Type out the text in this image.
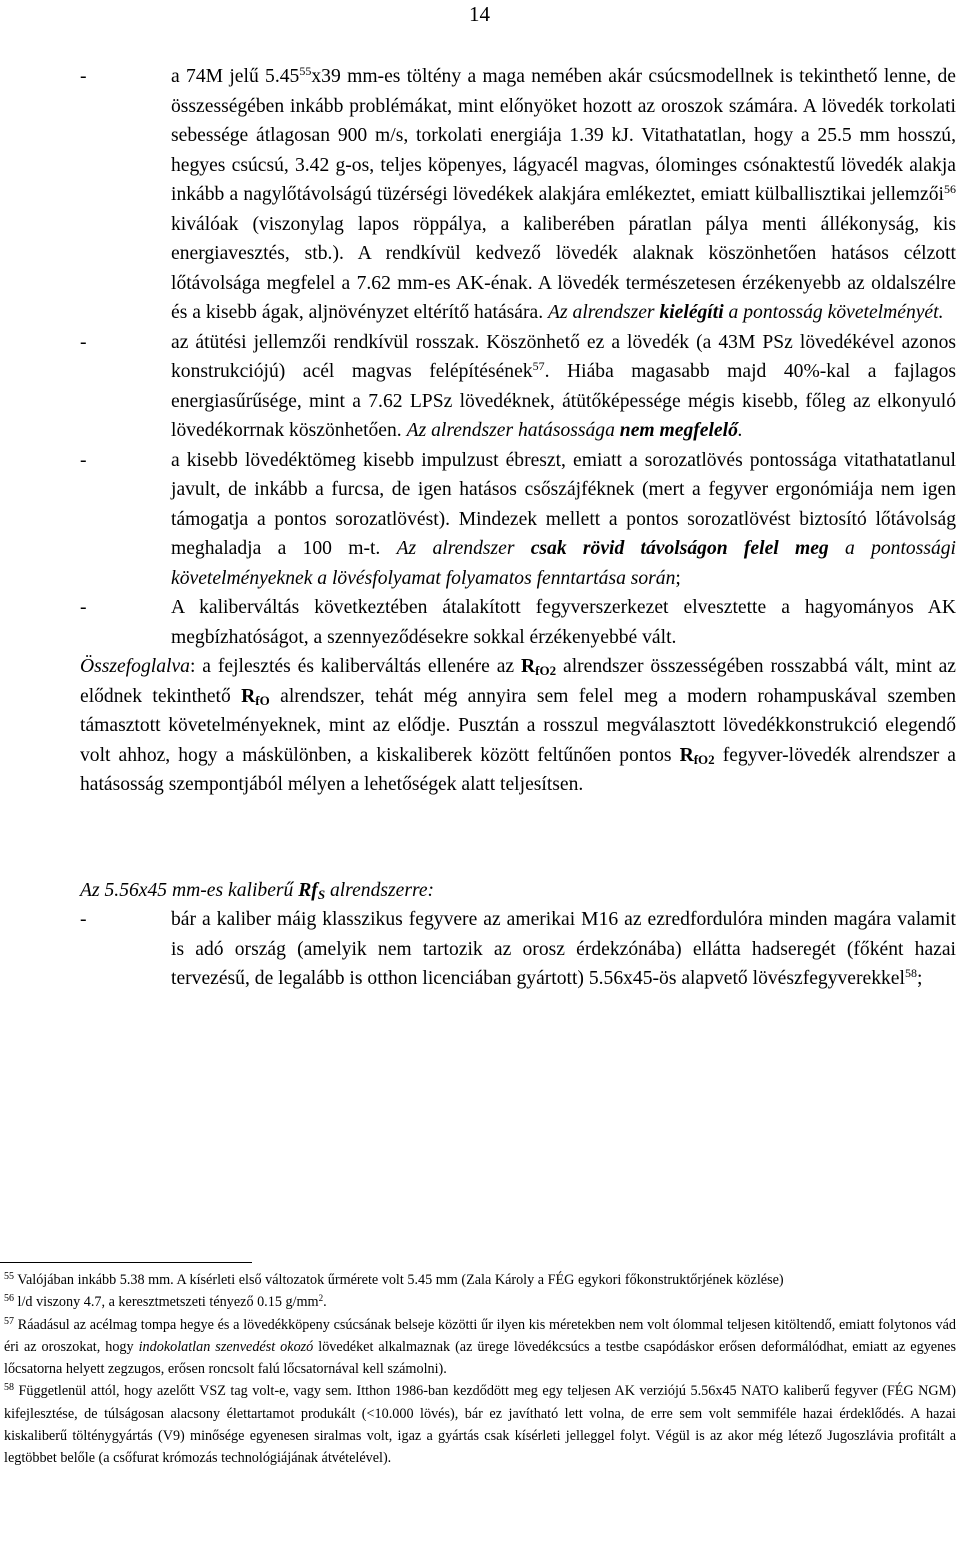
14
-	a 74M jelű 5.45$^{55}$x39 mm-es töltény a maga nemében akár csúcsmodellnek is tekinthető lenne, de összességében inkább problémákat, mint előnyöket hozott az oroszok számára. A lövedék torkolati sebessége átlagosan 900 m/s, torkolati energiája 1.39 kJ. Vitathatatlan, hogy a 25.5 mm hosszú, hegyes csúcsú, 3.42 g-os, teljes köpenyes, lágyacél magvas, ólominges csónaktestű lövedék alakja inkább a nagylőtávolságú tüzérségi lövedékek alakjára emlékeztet, emiatt külballisztikai jellemzői$^{56}$ kiválóak (viszonylag lapos röppálya, a kaliberében páratlan pálya menti állékonyság, kis energiavesztés, stb.). A rendkívül kedvező lövedék alaknak köszönhetően hatásos célzott lőtávolsága megfelel a 7.62 mm-es AK-énak. A lövedék természetesen érzékenyebb az oldalszélre és a kisebb ágak, aljnövényzet eltérítő hatására. Az alrendszer kielégíti a pontosság követelményét.
-	az átütési jellemzői rendkívül rosszak. Köszönhető ez a lövedék (a 43M PSz lövedékével azonos konstrukciójú) acél magvas felépítésének$^{57}$. Hiába magasabb majd 40%-kal a fajlagos energiasűrűsége, mint a 7.62 LPSz lövedéknek, átütőképessége mégis kisebb, főleg az elkonyuló lövedékorrnak köszönhetően. Az alrendszer hatásossága nem megfelelő.
-	a kisebb lövedéktömeg kisebb impulzust ébreszt, emiatt a sorozatlövés pontossága vitathatatlanul javult, de inkább a furcsa, de igen hatásos csőszájféknek (mert a fegyver ergonómiája nem igen támogatja a pontos sorozatlövést). Mindezek mellett a pontos sorozatlövést biztosító lőtávolság meghaladja a 100 m-t. Az alrendszer csak rövid távolságon felel meg a pontossági követelményeknek a lövésfolyamat folyamatos fenntartása során;
-	A kaliberváltás következtében átalakított fegyverszerkezet elvesztette a hagyományos AK megbízhatóságot, a szennyeződésekre sokkal érzékenyebbé vált.
Összefoglalva: a fejlesztés és kaliberváltás ellenére az $R_{fO2}$ alrendszer összességében rosszabbá vált, mint az elődnek tekinthető $R_{fO}$ alrendszer, tehát még annyira sem felel meg a modern rohampuskával szemben támasztott követelményeknek, mint az elődje. Pusztán a rosszul megválasztott lövedékkonstrukció elegendő volt ahhoz, hogy a máskülönben, a kiskaliberek között feltűnően pontos $R_{fO2}$ fegyver-lövedék alrendszer a hatásosság szempontjából mélyen a lehetőségek alatt teljesítsen.
Az 5.56x45 mm-es kaliberű $Rf_S$ alrendszerre:
-	bár a kaliber máig klasszikus fegyvere az amerikai M16 az ezredfordulóra minden magára valamit is adó ország (amelyik nem tartozik az orosz érdekzónába) ellátta hadseregét (főként hazai tervezésű, de legalább is otthon licenciában gyártott) 5.56x45-ös alapvető lövészfegyverekkel$^{58}$;
$^{55}$ Valójában inkább 5.38 mm. A kísérleti első változatok űrmérete volt 5.45 mm (Zala Károly a FÉG egykori főkonstruktőrjének közlése)
$^{56}$ l/d viszony 4.7, a keresztmetszeti tényező 0.15 $g/mm^2$.
$^{57}$ Ráadásul az acélmag tompa hegye és a lövedékköpeny csúcsának belseje közötti űr ilyen kis méretekben nem volt ólommal teljesen kitöltendő, emiatt folytonos vád éri az oroszokat, hogy indokolatlan szenvedést okozó lövedéket alkalmaznak (az ürege lövedékcsúcs a testbe csapódáskor erősen deformálódhat, emiatt az egyenes lőcsatorna helyett zegzugos, erősen roncsolt falú lőcsatornával kell számolni).
$^{58}$ Függetlenül attól, hogy azelőtt VSZ tag volt-e, vagy sem. Itthon 1986-ban kezdődött meg egy teljesen AK verziójú 5.56x45 NATO kaliberű fegyver (FÉG NGM) kifejlesztése, de túlságosan alacsony élettartamot produkált (<10.000 lövés), bár ez javítható lett volna, de erre sem volt semmiféle hazai érdeklődés. A hazai kiskaliberű tölténygyártás (V9) minősége egyenesen siralmas volt, igaz a gyártás csak kísérleti jelleggel folyt. Végül is az akor még létező Jugoszlávia profitált a legtöbbet belőle (a csőfurat krómozás technológiájának átvételével).
